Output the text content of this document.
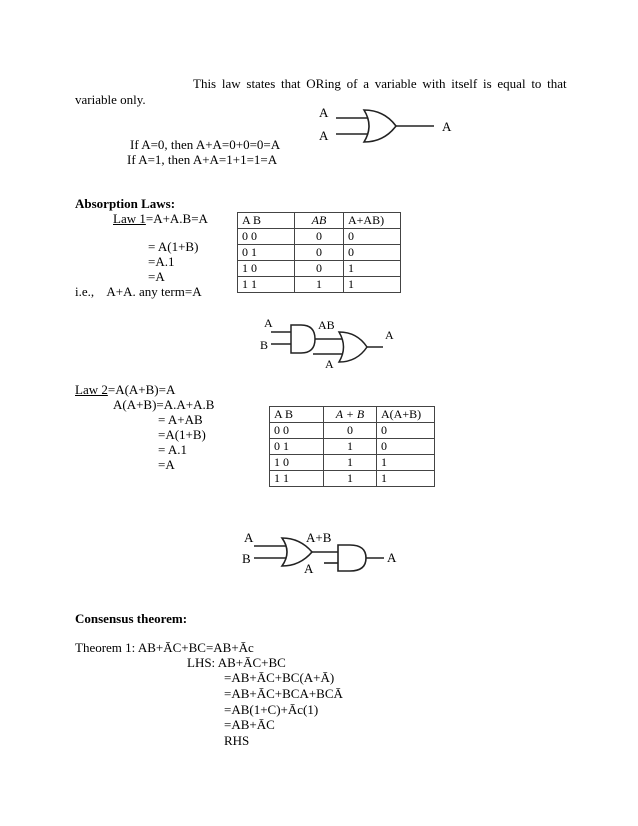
This law states that ORing of a variable with itself is equal to that
variable only.
If A=0, then A+A=0+0=0=A
If A=1, then A+A=1+1=1=A
A
A
A
Absorption Laws:
Law 1=A+A.B=A
= A(1+B)
=A.1
=A
i.e.,    A+A. any term=A
A B	AB	A+AB)
0 0	0	0
0 1	0	0
1 0	0	1
1 1	1	1
A
B
AB
A
A
Law 2=A(A+B)=A
A(A+B)=A.A+A.B
= A+AB
=A(1+B)
= A.1
=A
A B	A + B	A(A+B)
0 0	0	0
0 1	1	0
1 0	1	1
1 1	1	1
A
B
A+B
A
A
Consensus theorem:
Theorem 1: AB+ĀC+BC=AB+Āc
LHS: AB+ĀC+BC
=AB+ĀC+BC(A+Ā)
=AB+ĀC+BCA+BCĀ
=AB(1+C)+Āc(1)
=AB+ĀC
RHS
